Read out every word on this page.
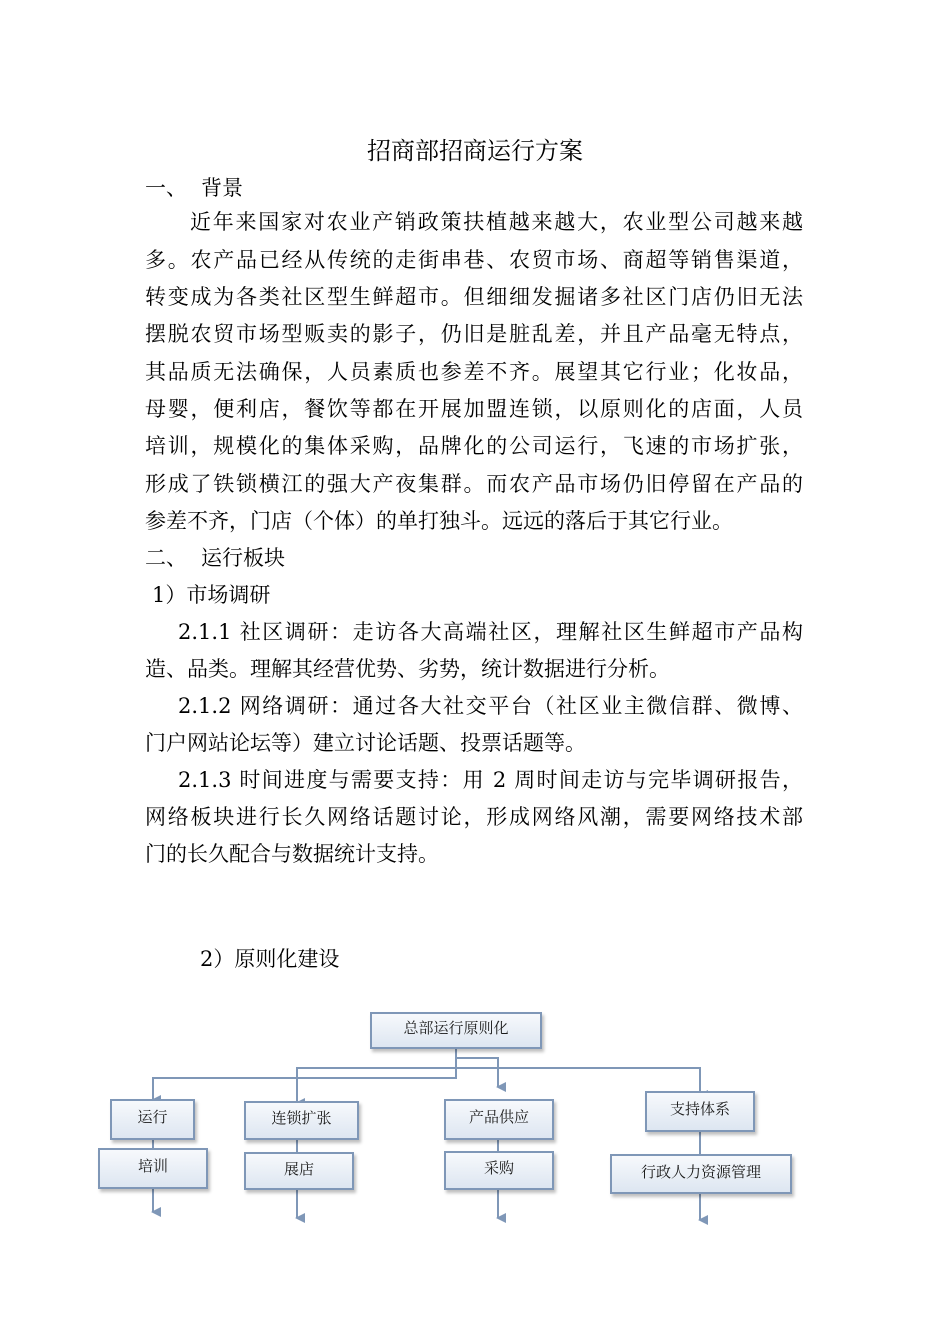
招商部招商运行方案
一、 背景
近年来国家对农业产销政策扶植越来越大，农业型公司越来越
多。农产品已经从传统的走街串巷、农贸市场、商超等销售渠道，
转变成为各类社区型生鲜超市。但细细发掘诸多社区门店仍旧无法
摆脱农贸市场型贩卖的影子，仍旧是脏乱差，并且产品毫无特点，
其品质无法确保，人员素质也参差不齐。展望其它行业；化妆品，
母婴，便利店，餐饮等都在开展加盟连锁，以原则化的店面，人员
培训，规模化的集体采购，品牌化的公司运行，飞速的市场扩张，
形成了铁锁横江的强大产夜集群。而农产品市场仍旧停留在产品的
参差不齐，门店（个体）的单打独斗。远远的落后于其它行业。
二、 运行板块
1）市场调研
2.1.1 社区调研：走访各大高端社区，理解社区生鲜超市产品构
造、品类。理解其经营优势、劣势，统计数据进行分析。
2.1.2 网络调研：通过各大社交平台（社区业主微信群、微博、
门户网站论坛等）建立讨论话题、投票话题等。
2.1.3 时间进度与需要支持：用 2 周时间走访与完毕调研报告，
网络板块进行长久网络话题讨论，形成网络风潮，需要网络技术部
门的长久配合与数据统计支持。
2）原则化建设
总部运行原则化
运行
培训
连锁扩张
展店
产品供应
采购
支持体系
行政人力资源管理
